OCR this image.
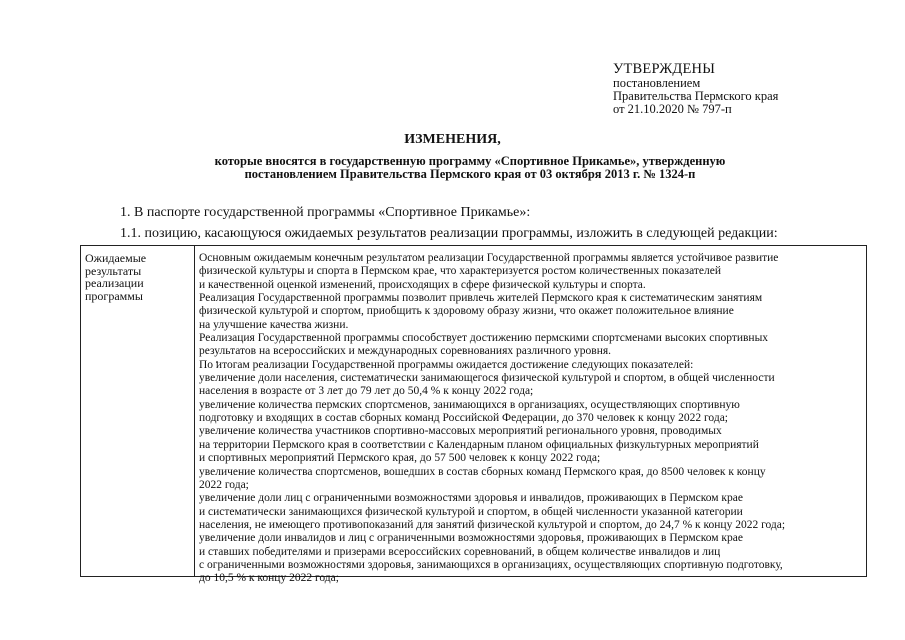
УТВЕРЖДЕНЫ
постановлением
Правительства Пермского края
от 21.10.2020 № 797-п
ИЗМЕНЕНИЯ,
которые вносятся в государственную программу «Спортивное Прикамье», утвержденную
постановлением Правительства Пермского края от 03 октября 2013 г. № 1324-п
1. В паспорте государственной программы «Спортивное Прикамье»:
1.1. позицию, касающуюся ожидаемых результатов реализации программы, изложить в следующей редакции:
Ожидаемые
результаты
реализации
программы
Основным ожидаемым конечным результатом реализации Государственной программы является устойчивое развитие
физической культуры и спорта в Пермском крае, что характеризуется ростом количественных показателей
и качественной оценкой изменений, происходящих в сфере физической культуры и спорта.
Реализация Государственной программы позволит привлечь жителей Пермского края к систематическим занятиям
физической культурой и спортом, приобщить к здоровому образу жизни, что окажет положительное влияние
на улучшение качества жизни.
Реализация Государственной программы способствует достижению пермскими спортсменами высоких спортивных
результатов на всероссийских и международных соревнованиях различного уровня.
По итогам реализации Государственной программы ожидается достижение следующих показателей:
увеличение доли населения, систематически занимающегося физической культурой и спортом, в общей численности
населения в возрасте от 3 лет до 79 лет до 50,4 % к концу 2022 года;
увеличение количества пермских спортсменов, занимающихся в организациях, осуществляющих спортивную
подготовку и входящих в состав сборных команд Российской Федерации, до 370 человек к концу 2022 года;
увеличение количества участников спортивно-массовых мероприятий регионального уровня, проводимых
на территории Пермского края в соответствии с Календарным планом официальных физкультурных мероприятий
и спортивных мероприятий Пермского края, до 57 500 человек к концу 2022 года;
увеличение количества спортсменов, вошедших в состав сборных команд Пермского края, до 8500 человек к концу
2022 года;
увеличение доли лиц с ограниченными возможностями здоровья и инвалидов, проживающих в Пермском крае
и систематически занимающихся физической культурой и спортом, в общей численности указанной категории
населения, не имеющего противопоказаний для занятий физической культурой и спортом, до 24,7 % к концу 2022 года;
увеличение доли инвалидов и лиц с ограниченными возможностями здоровья, проживающих в Пермском крае
и ставших победителями и призерами всероссийских соревнований, в общем количестве инвалидов и лиц
с ограниченными возможностями здоровья, занимающихся в организациях, осуществляющих спортивную подготовку,
до 10,5 % к концу 2022 года;
